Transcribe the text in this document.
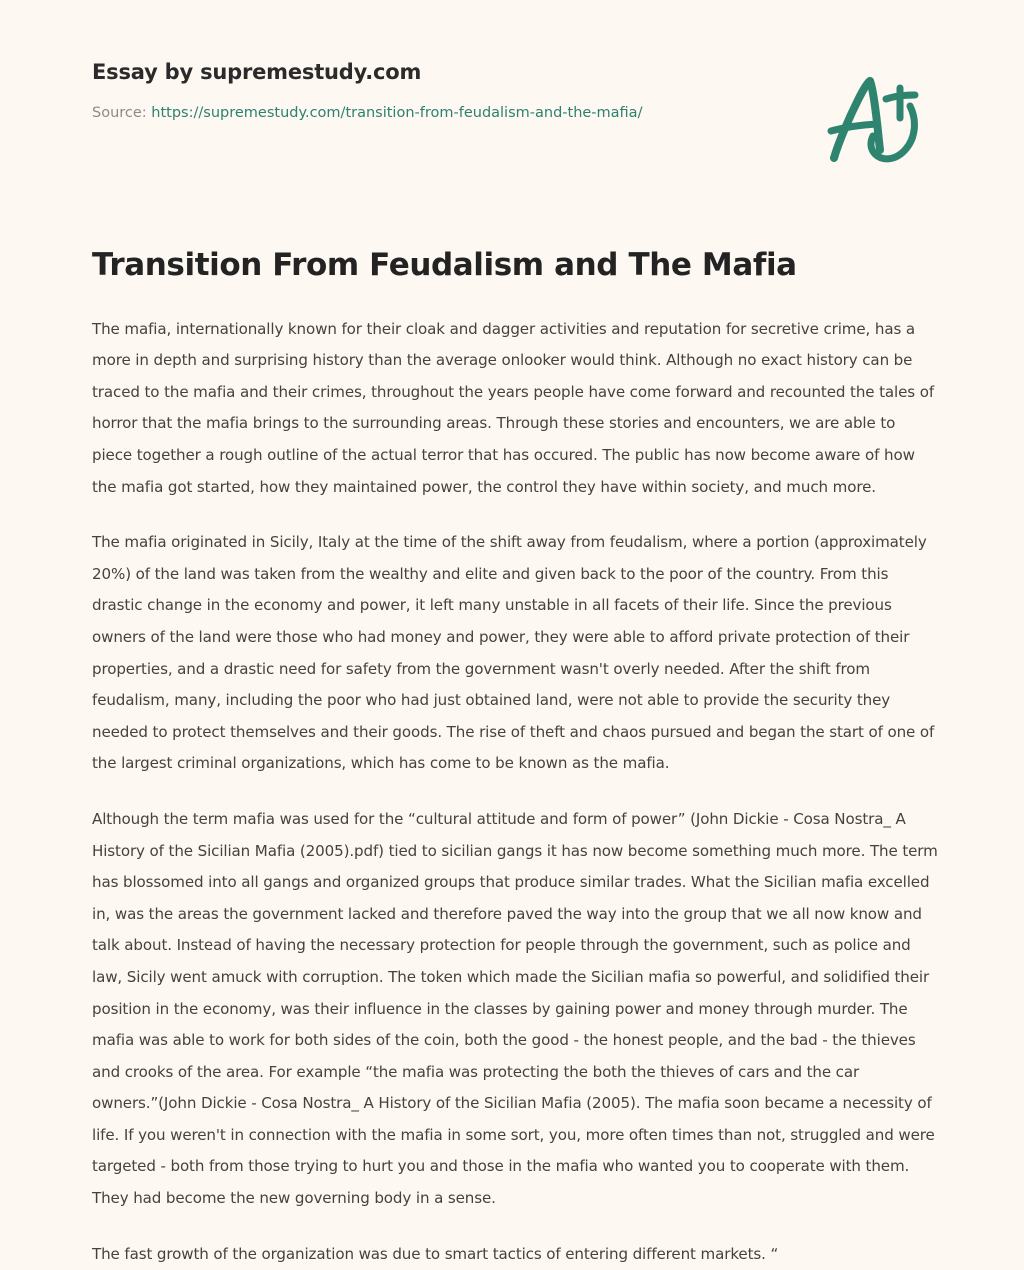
Essay by supremestudy.com
Source: https://supremestudy.com/transition-from-feudalism-and-the-mafia/
Transition From Feudalism and The Mafia

The mafia, internationally known for their cloak and dagger activities and reputation for secretive crime, has a more in depth and surprising history than the average onlooker would think. Although no exact history can be traced to the mafia and their crimes, throughout the years people have come forward and recounted the tales of horror that the mafia brings to the surrounding areas. Through these stories and encounters, we are able to piece together a rough outline of the actual terror that has occured. The public has now become aware of how the mafia got started, how they maintained power, the control they have within society, and much more.

The mafia originated in Sicily, Italy at the time of the shift away from feudalism, where a portion (approximately 20%) of the land was taken from the wealthy and elite and given back to the poor of the country. From this drastic change in the economy and power, it left many unstable in all facets of their life. Since the previous owners of the land were those who had money and power, they were able to afford private protection of their properties, and a drastic need for safety from the government wasn't overly needed. After the shift from feudalism, many, including the poor who had just obtained land, were not able to provide the security they needed to protect themselves and their goods. The rise of theft and chaos pursued and began the start of one of the largest criminal organizations, which has come to be known as the mafia.

Although the term mafia was used for the “cultural attitude and form of power” (John Dickie - Cosa Nostra_ A History of the Sicilian Mafia (2005).pdf) tied to sicilian gangs it has now become something much more. The term has blossomed into all gangs and organized groups that produce similar trades. What the Sicilian mafia excelled in, was the areas the government lacked and therefore paved the way into the group that we all now know and talk about. Instead of having the necessary protection for people through the government, such as police and law, Sicily went amuck with corruption. The token which made the Sicilian mafia so powerful, and solidified their position in the economy, was their influence in the classes by gaining power and money through murder. The mafia was able to work for both sides of the coin, both the good - the honest people, and the bad - the thieves and crooks of the area. For example “the mafia was protecting the both the thieves of cars and the car owners.”(John Dickie - Cosa Nostra_ A History of the Sicilian Mafia (2005). The mafia soon became a necessity of life. If you weren't in connection with the mafia in some sort, you, more often times than not, struggled and were targeted - both from those trying to hurt you and those in the mafia who wanted you to cooperate with them. They had become the new governing body in a sense.

The fast growth of the organization was due to smart tactics of entering different markets. “
